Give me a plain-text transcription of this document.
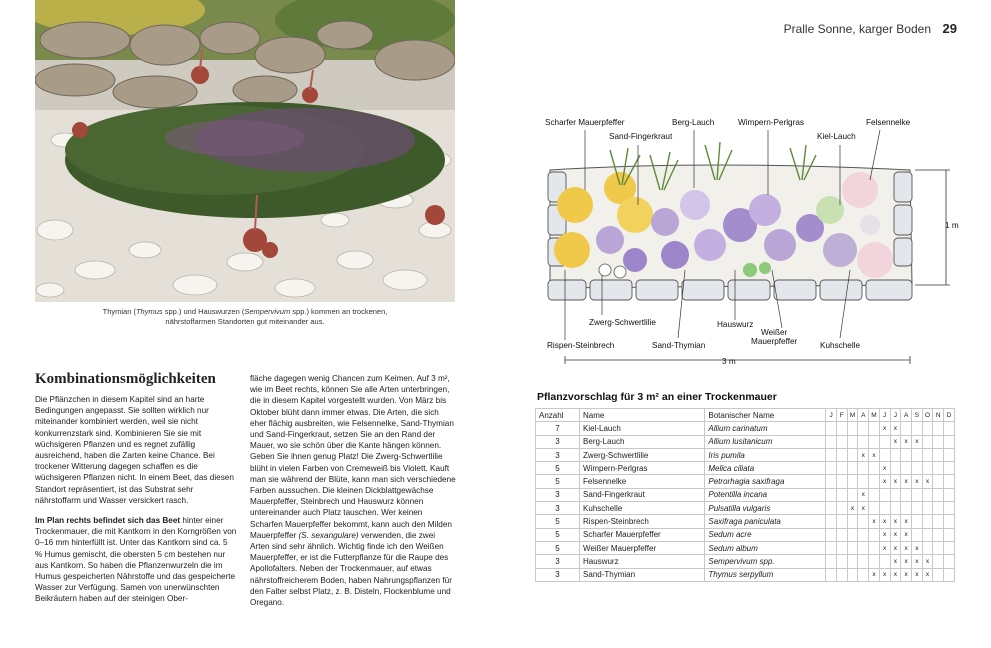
Pralle Sonne, karger Boden 29
Thymian (Thymus spp.) und Hauswurzen (Sempervivum spp.) kommen an trockenen,
nährstoffarmen Standorten gut miteinander aus.
Kombinationsmöglichkeiten

Die Pflänzchen in diesem Kapitel sind an harte Bedingungen angepasst. Sie sollten wirklich nur miteinander kombiniert werden, weil sie nicht konkurrenzstark sind. Kombinieren Sie sie mit wüchsigeren Pflanzen und es regnet zufällig ausreichend, haben die Zarten keine Chance. Bei trockener Witterung dagegen schaffen es die wüchsigeren Pflanzen nicht. In einem Beet, das diesen Standort repräsentiert, ist das Substrat sehr nährstoffarm und Wasser versickert rasch.

Im Plan rechts befindet sich das Beet hinter einer Trockenmauer, die mit Kantkorn in den Korngrößen von 0–16 mm hinterfüllt ist. Unter das Kantkorn sind ca. 5 % Humus gemischt, die obersten 5 cm bestehen nur aus Kantkorn. So haben die Pflanzenwurzeln die im Humus gespeicherten Nährstoffe und das gespeicherte Wasser zur Verfügung. Samen von unerwünschten Beikräutern haben auf der steinigen Ober-

fläche dagegen wenig Chancen zum Keimen. Auf 3 m², wie im Beet rechts, können Sie alle Arten unterbringen, die in diesem Kapitel vorgestellt wurden. Von März bis Oktober blüht dann immer etwas. Die Arten, die sich eher flächig ausbreiten, wie Felsennelke, Sand-Thymian und Sand-Fingerkraut, setzen Sie an den Rand der Mauer, wo sie schön über die Kante hängen können. Geben Sie ihnen genug Platz! Die Zwerg-Schwertlilie blüht in vielen Farben von Cremeweiß bis Violett. Kauft man sie während der Blüte, kann man sich verschiedene Farben aussuchen. Die kleinen Dickblattgewächse Mauerpfeffer, Steinbrech und Hauswurz können untereinander auch Platz tauschen. Wer keinen Scharfen Mauerpfeffer bekommt, kann auch den Milden Mauerpfeffer (S. sexangulare) verwenden, die zwei Arten sind sehr ähnlich. Wichtig finde ich den Weißen Mauerpfeffer, er ist die Futterpflanze für die Raupe des Apollofalters. Neben der Trockenmauer, auf etwas nährstoffreicherem Boden, haben Nahrungspflanzen für den Falter selbst Platz, z. B. Disteln, Flockenblume und Oregano.

Scharfer Mauerpfeffer
Sand-Fingerkraut
Berg-Lauch	Wimpern-Perlgras
Kiel-Lauch
Felsennelke
1 m
Zwerg-Schwertlilie
Rispen-Steinbrech	Sand-Thymian
Hauswurz
Weißer
Mauerpfeffer	Kuhschelle
3 m
Pflanzvorschlag für 3 m² an einer Trockenmauer
Anzahl	Name	Botanischer Name	J	F	M	A	M	J	J	A	S	O	N	D
7	Kiel-Lauch	Allium carinatum						x	x					
3	Berg-Lauch	Allium lusitanicum							x	x	x			
3	Zwerg-Schwertlilie	Iris pumila				x	x							
5	Wimpern-Perlgras	Melica ciliata						x						
5	Felsennelke	Petrorhagia saxifraga						x	x	x	x	x		
3	Sand-Fingerkraut	Potentilla incana				x								
3	Kuhschelle	Pulsatilla vulgaris			x	x								
5	Rispen-Steinbrech	Saxifraga paniculata					x	x	x	x				
5	Scharfer Mauerpfeffer	Sedum acre						x	x	x				
5	Weißer Mauerpfeffer	Sedum album						x	x	x	x			
3	Hauswurz	Sempervivum spp.							x	x	x	x		
3	Sand-Thymian	Thymus serpyllum					x	x	x	x	x	x		
